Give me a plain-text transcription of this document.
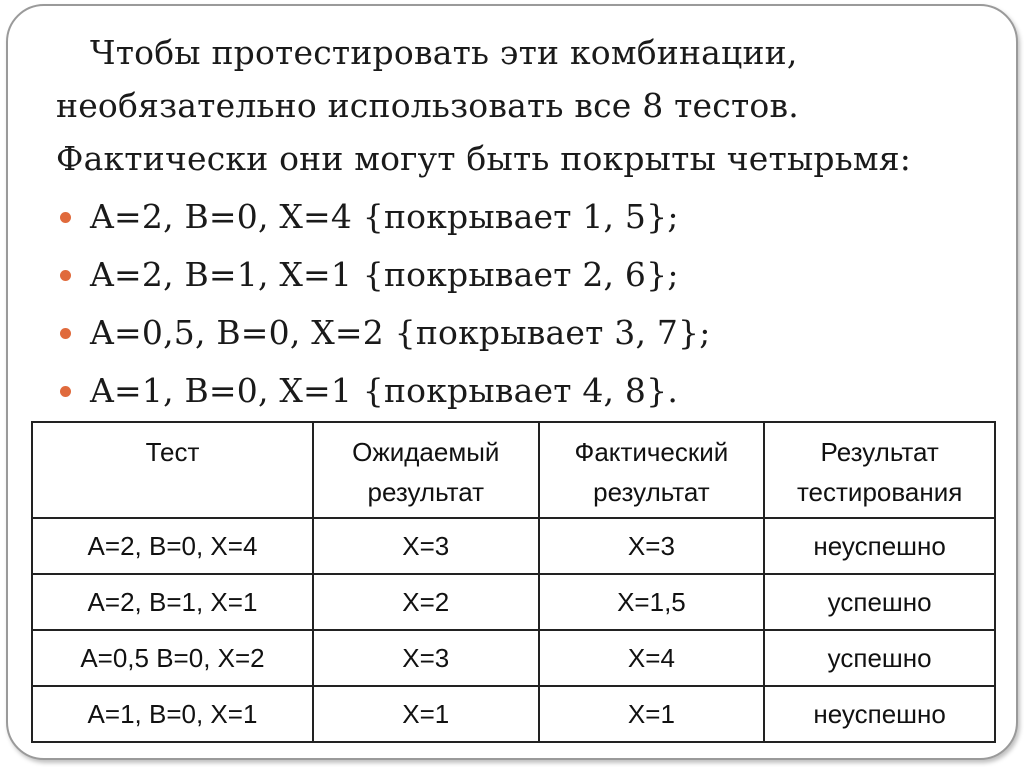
Чтобы протестировать эти комбинации, необязательно использовать все 8 тестов. Фактически они могут быть покрыты четырьмя:

A=2, B=0, X=4 {покрывает 1, 5};
A=2, B=1, X=1 {покрывает 2, 6};
A=0,5, B=0, X=2 {покрывает 3, 7};
A=1, B=0, X=1 {покрывает 4, 8}.
Тест	Ожидаемый результат	Фактический результат	Результат тестирования
A=2, B=0, X=4	X=3	X=3	неуспешно
A=2, B=1, X=1	X=2	X=1,5	успешно
A=0,5 B=0, X=2	X=3	X=4	успешно
A=1, B=0, X=1	X=1	X=1	неуспешно
